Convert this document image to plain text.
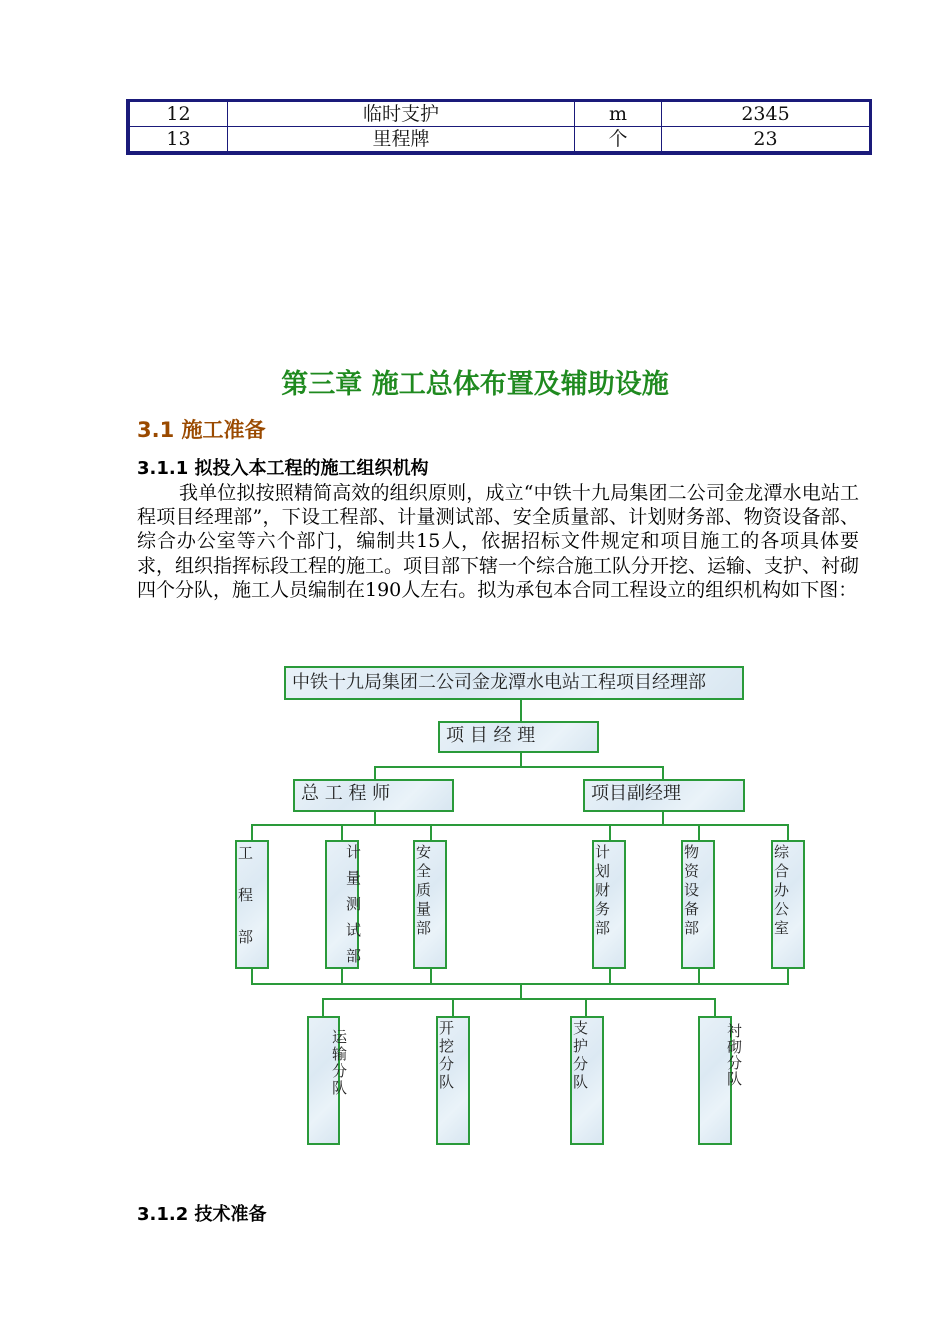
12	临时支护	m	2345
13	里程牌	个	23
第三章 施工总体布置及辅助设施
3.1 施工准备
3.1.1 拟投入本工程的施工组织机构
我单位拟按照精简高效的组织原则，成立“中铁十九局集团二公司金龙潭水电站工程项目经理部”，下设工程部、计量测试部、安全质量部、计划财务部、物资设备部、综合办公室等六个部门，编制共15人，依据招标文件规定和项目施工的各项具体要求，组织指挥标段工程的施工。项目部下辖一个综合施工队分开挖、运输、支护、衬砌四个分队，施工人员编制在190人左右。拟为承包本合同工程设立的组织机构如下图：
中铁十九局集团二公司金龙潭水电站工程项目经理部
项 目 经 理
总 工 程 师	项目副经理
工程部
计量测试部
安全质量部
计划财务部
物资设备部
综合办公室
运输分队
开挖分队
支护分队
衬砌分队
3.1.2 技术准备
